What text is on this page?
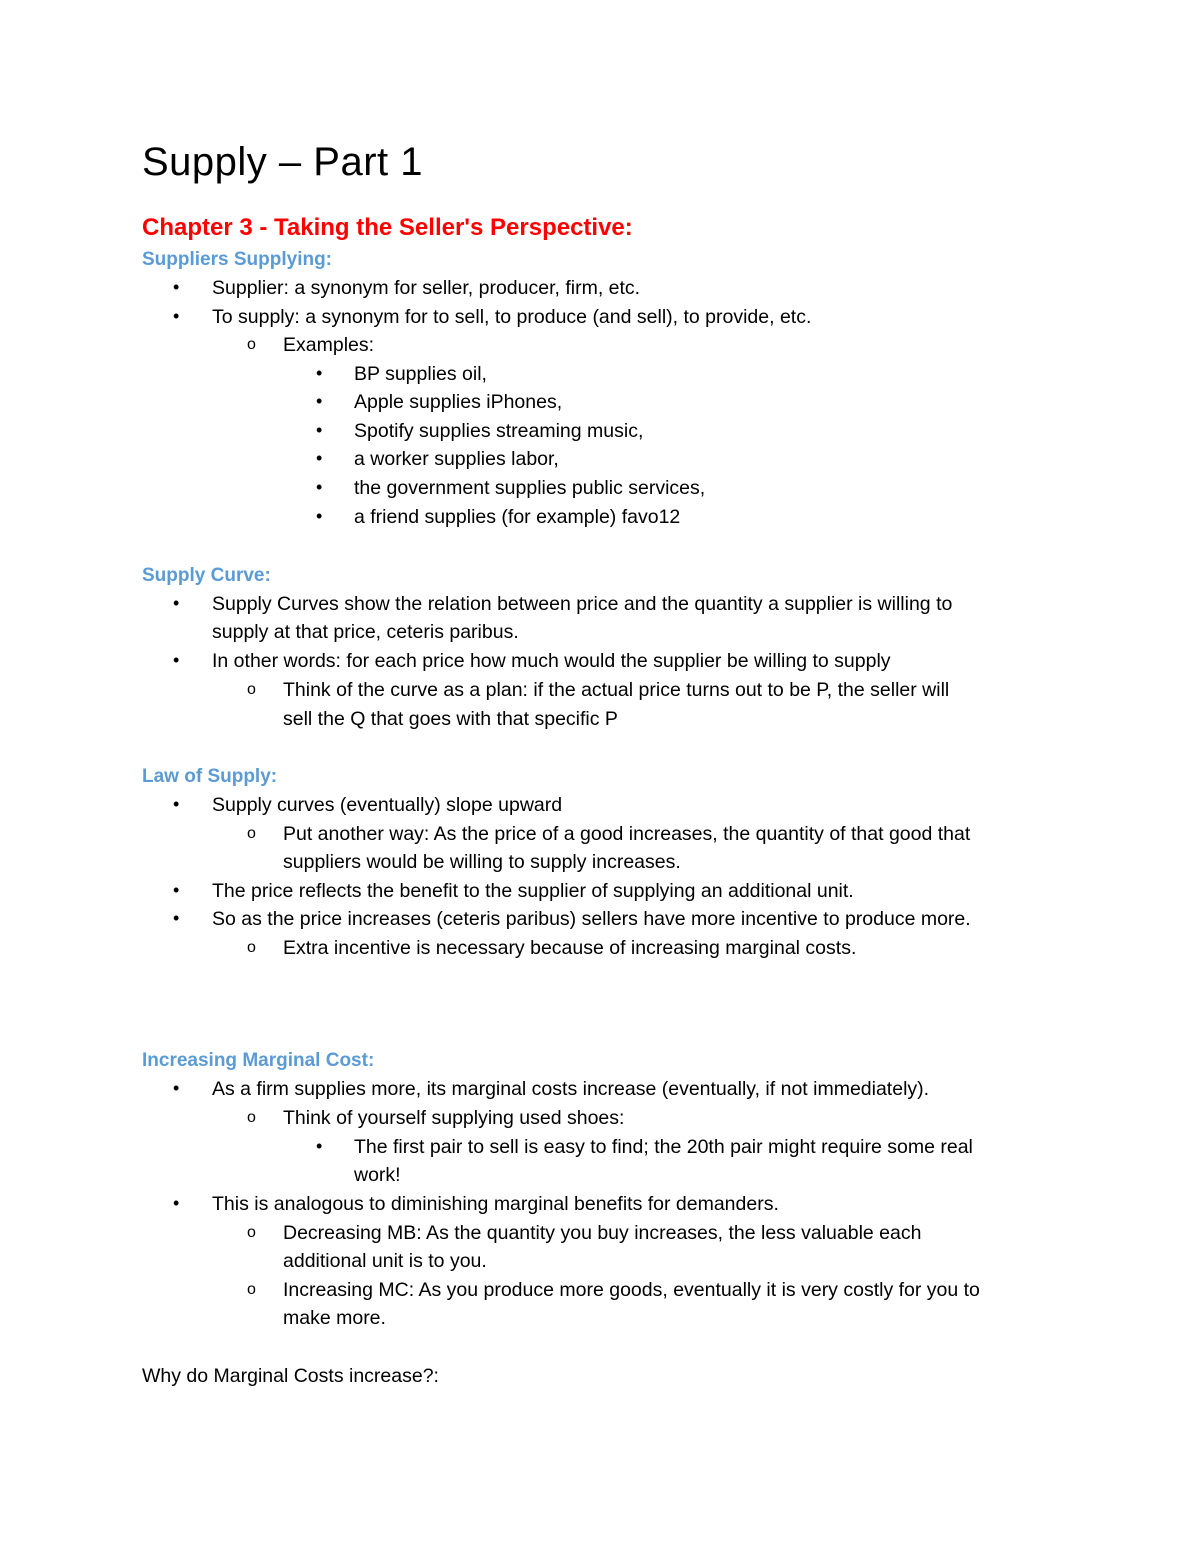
Supply – Part 1
Chapter 3 - Taking the Seller's Perspective:
Suppliers Supplying:
• Supplier: a synonym for seller, producer, firm, etc.
• To supply: a synonym for to sell, to produce (and sell), to provide, etc.
o Examples:
• BP supplies oil,
• Apple supplies iPhones,
• Spotify supplies streaming music,
• a worker supplies labor,
• the government supplies public services,
• a friend supplies (for example) favo12
Supply Curve:
• Supply Curves show the relation between price and the quantity a supplier is willing to
supply at that price, ceteris paribus.
• In other words: for each price how much would the supplier be willing to supply
o Think of the curve as a plan: if the actual price turns out to be P, the seller will
sell the Q that goes with that specific P
Law of Supply:
• Supply curves (eventually) slope upward
o Put another way: As the price of a good increases, the quantity of that good that
suppliers would be willing to supply increases.
• The price reflects the benefit to the supplier of supplying an additional unit.
• So as the price increases (ceteris paribus) sellers have more incentive to produce more.
o Extra incentive is necessary because of increasing marginal costs.
Increasing Marginal Cost:
• As a firm supplies more, its marginal costs increase (eventually, if not immediately).
o Think of yourself supplying used shoes:
• The first pair to sell is easy to find; the 20th pair might require some real
work!
• This is analogous to diminishing marginal benefits for demanders.
o Decreasing MB: As the quantity you buy increases, the less valuable each
additional unit is to you.
o Increasing MC: As you produce more goods, eventually it is very costly for you to
make more.
Why do Marginal Costs increase?:
